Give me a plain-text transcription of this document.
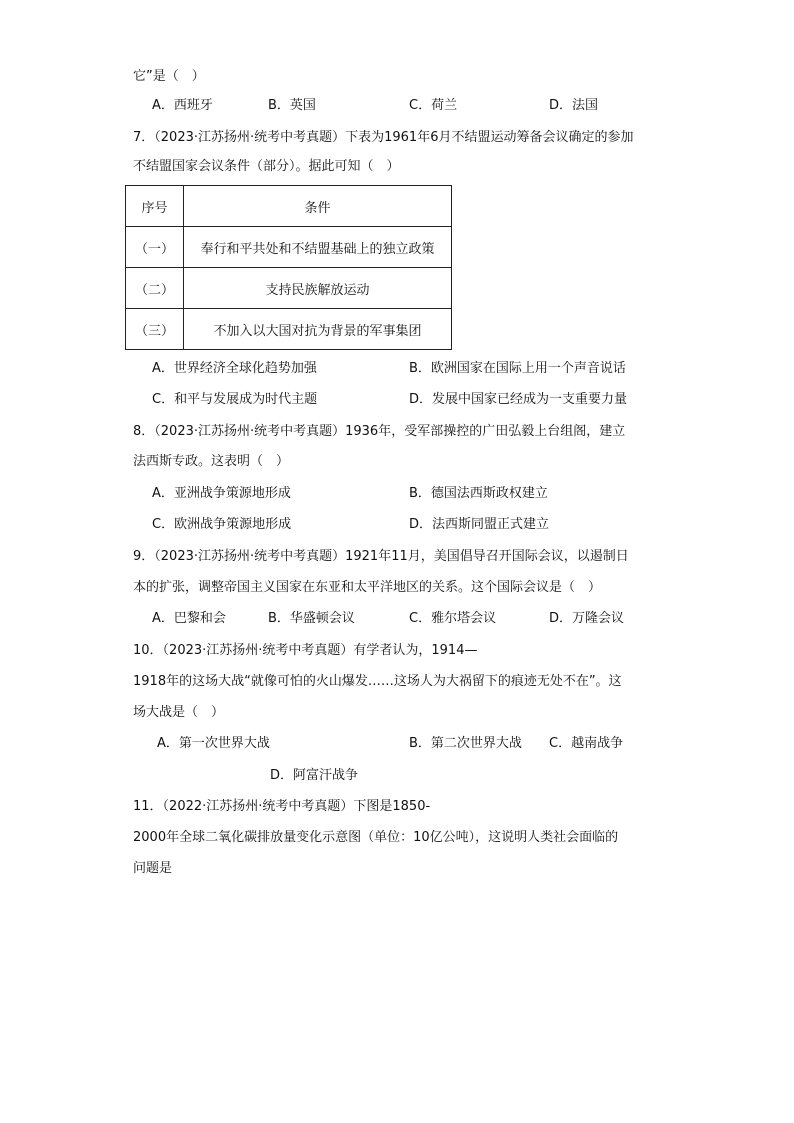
它”是（　）
A．西班牙	B．英国	C．荷兰	D．法国
7．（2023·江苏扬州·统考中考真题）下表为1961年6月不结盟运动筹备会议确定的参加
不结盟国家会议条件（部分）。据此可知（　）
序号	条件
（一）	奉行和平共处和不结盟基础上的独立政策
（二）	支持民族解放运动
（三）	不加入以大国对抗为背景的军事集团
A．世界经济全球化趋势加强	B．欧洲国家在国际上用一个声音说话
C．和平与发展成为时代主题	D．发展中国家已经成为一支重要力量
8．（2023·江苏扬州·统考中考真题）1936年，受军部操控的广田弘毅上台组阁，建立
法西斯专政。这表明（　）
A．亚洲战争策源地形成	B．德国法西斯政权建立
C．欧洲战争策源地形成	D．法西斯同盟正式建立
9．（2023·江苏扬州·统考中考真题）1921年11月，美国倡导召开国际会议，以遏制日
本的扩张，调整帝国主义国家在东亚和太平洋地区的关系。这个国际会议是（　）
A．巴黎和会	B．华盛顿会议	C．雅尔塔会议	D．万隆会议
10．（2023·江苏扬州·统考中考真题）有学者认为，1914—
1918年的这场大战“就像可怕的火山爆发……这场人为大祸留下的痕迹无处不在”。这
场大战是（　）
A．第一次世界大战	B．第二次世界大战 C．越南战争
D．阿富汗战争
11．（2022·江苏扬州·统考中考真题）下图是1850-
2000年全球二氧化碳排放量变化示意图（单位：10亿公吨），这说明人类社会面临的
问题是
